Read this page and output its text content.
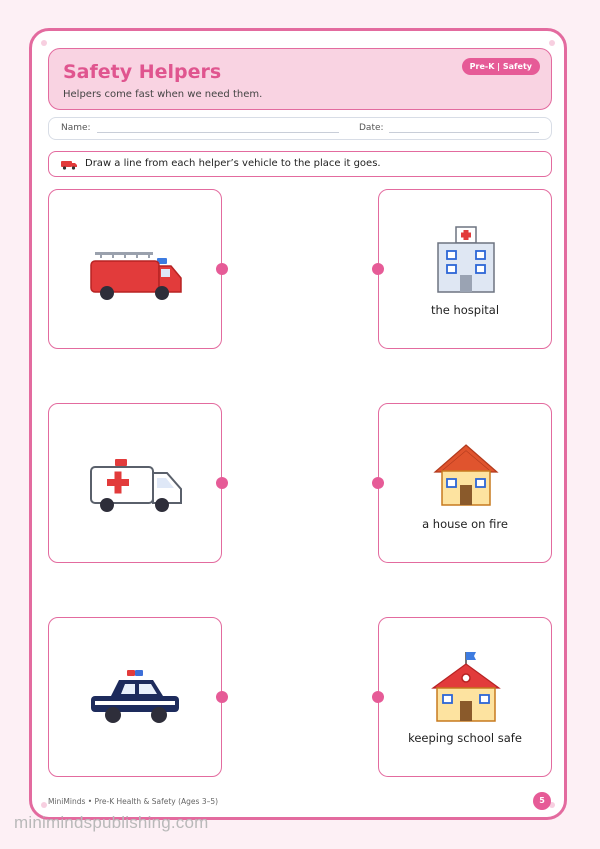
Safety Helpers
Helpers come fast when we need them.
Pre-K | Safety
Name:	Date:
Draw a line from each helper’s vehicle to the place it goes.
the hospital
a house on fire
keeping school safe
MiniMinds • Pre-K Health & Safety (Ages 3–5)	5
minimindspublishing.com
